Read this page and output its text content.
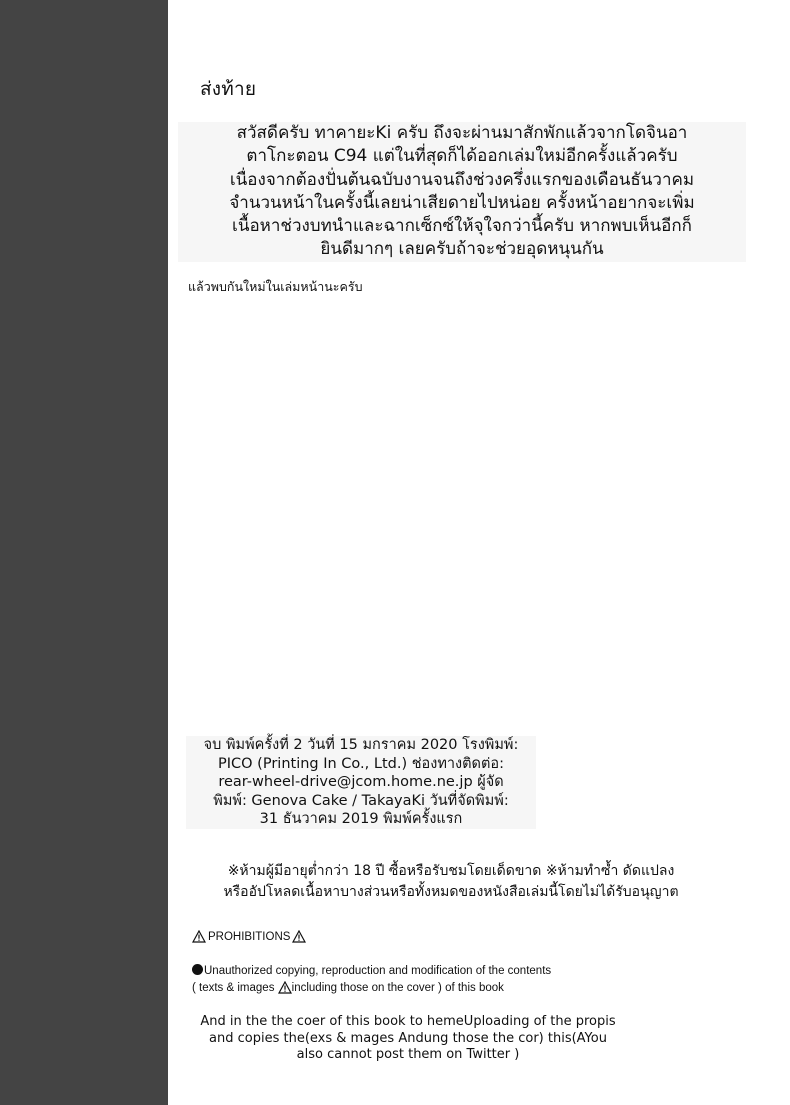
ส่งท้าย
สวัสดีครับ ทาคายะKi ครับ ถึงจะผ่านมาสักพักแล้วจากโดจินอา
ตาโกะตอน C94 แต่ในที่สุดก็ได้ออกเล่มใหม่อีกครั้งแล้วครับ
เนื่องจากต้องปั่นต้นฉบับงานจนถึงช่วงครึ่งแรกของเดือนธันวาคม
จำนวนหน้าในครั้งนี้เลยน่าเสียดายไปหน่อย ครั้งหน้าอยากจะเพิ่ม
เนื้อหาช่วงบทนำและฉากเซ็กซ์ให้จุใจกว่านี้ครับ หากพบเห็นอีกก็
ยินดีมากๆ เลยครับถ้าจะช่วยอุดหนุนกัน
แล้วพบกันใหม่ในเล่มหน้านะครับ
จบ พิมพ์ครั้งที่ 2 วันที่ 15 มกราคม 2020 โรงพิมพ์:
PICO (Printing In Co., Ltd.) ช่องทางติดต่อ:
rear-wheel-drive@jcom.home.ne.jp ผู้จัด
พิมพ์: Genova Cake / TakayaKi วันที่จัดพิมพ์:
31 ธันวาคม 2019 พิมพ์ครั้งแรก
※ห้ามผู้มีอายุต่ำกว่า 18 ปี ซื้อหรือรับชมโดยเด็ดขาด ※ห้ามทำซ้ำ ดัดแปลง
หรืออัปโหลดเนื้อหาบางส่วนหรือทั้งหมดของหนังสือเล่มนี้โดยไม่ได้รับอนุญาต
PROHIBITIONS
Unauthorized copying, reproduction and modification of the contents
( texts & images including those on the cover ) of this book
And in the the coer of this book to hemeUploading of the propis
and copies the(exs & mages Andung those the cor) this(AYou
also cannot post them on Twitter )
